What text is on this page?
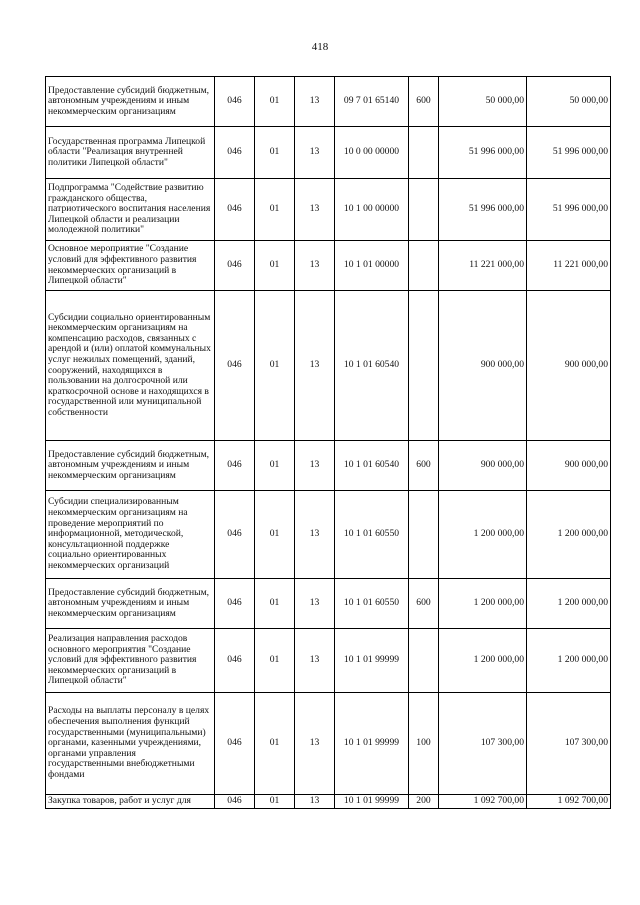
418
Предоставление субсидий бюджетным, автономным учреждениям и иным некоммерческим организациям	046	01	13	09 7 01 65140	600	50 000,00	50 000,00
Государственная программа Липецкой области "Реализация внутренней политики Липецкой области"	046	01	13	10 0 00 00000		51 996 000,00	51 996 000,00
Подпрограмма "Содействие развитию гражданского общества, патриотического воспитания населения Липецкой области и реализации молодежной политики"	046	01	13	10 1 00 00000		51 996 000,00	51 996 000,00
Основное мероприятие "Создание условий для эффективного развития некоммерческих организаций в Липецкой области"	046	01	13	10 1 01 00000		11 221 000,00	11 221 000,00
Субсидии социально ориентированным некоммерческим организациям на компенсацию расходов, связанных с арендой и (или) оплатой коммунальных услуг нежилых помещений, зданий, сооружений, находящихся в пользовании на долгосрочной или краткосрочной основе и находящихся в государственной или муниципальной собственности	046	01	13	10 1 01 60540		900 000,00	900 000,00
Предоставление субсидий бюджетным, автономным учреждениям и иным некоммерческим организациям	046	01	13	10 1 01 60540	600	900 000,00	900 000,00
Субсидии специализированным некоммерческим организациям на проведение мероприятий по информационной, методической, консультационной поддержке социально ориентированных некоммерческих организаций	046	01	13	10 1 01 60550		1 200 000,00	1 200 000,00
Предоставление субсидий бюджетным, автономным учреждениям и иным некоммерческим организациям	046	01	13	10 1 01 60550	600	1 200 000,00	1 200 000,00
Реализация направления расходов основного мероприятия "Создание условий для эффективного развития некоммерческих организаций в Липецкой области"	046	01	13	10 1 01 99999		1 200 000,00	1 200 000,00
Расходы на выплаты персоналу в целях обеспечения выполнения функций государственными (муниципальными) органами, казенными учреждениями, органами управления государственными внебюджетными фондами	046	01	13	10 1 01 99999	100	107 300,00	107 300,00
Закупка товаров, работ и услуг для	046	01	13	10 1 01 99999	200	1 092 700,00	1 092 700,00
